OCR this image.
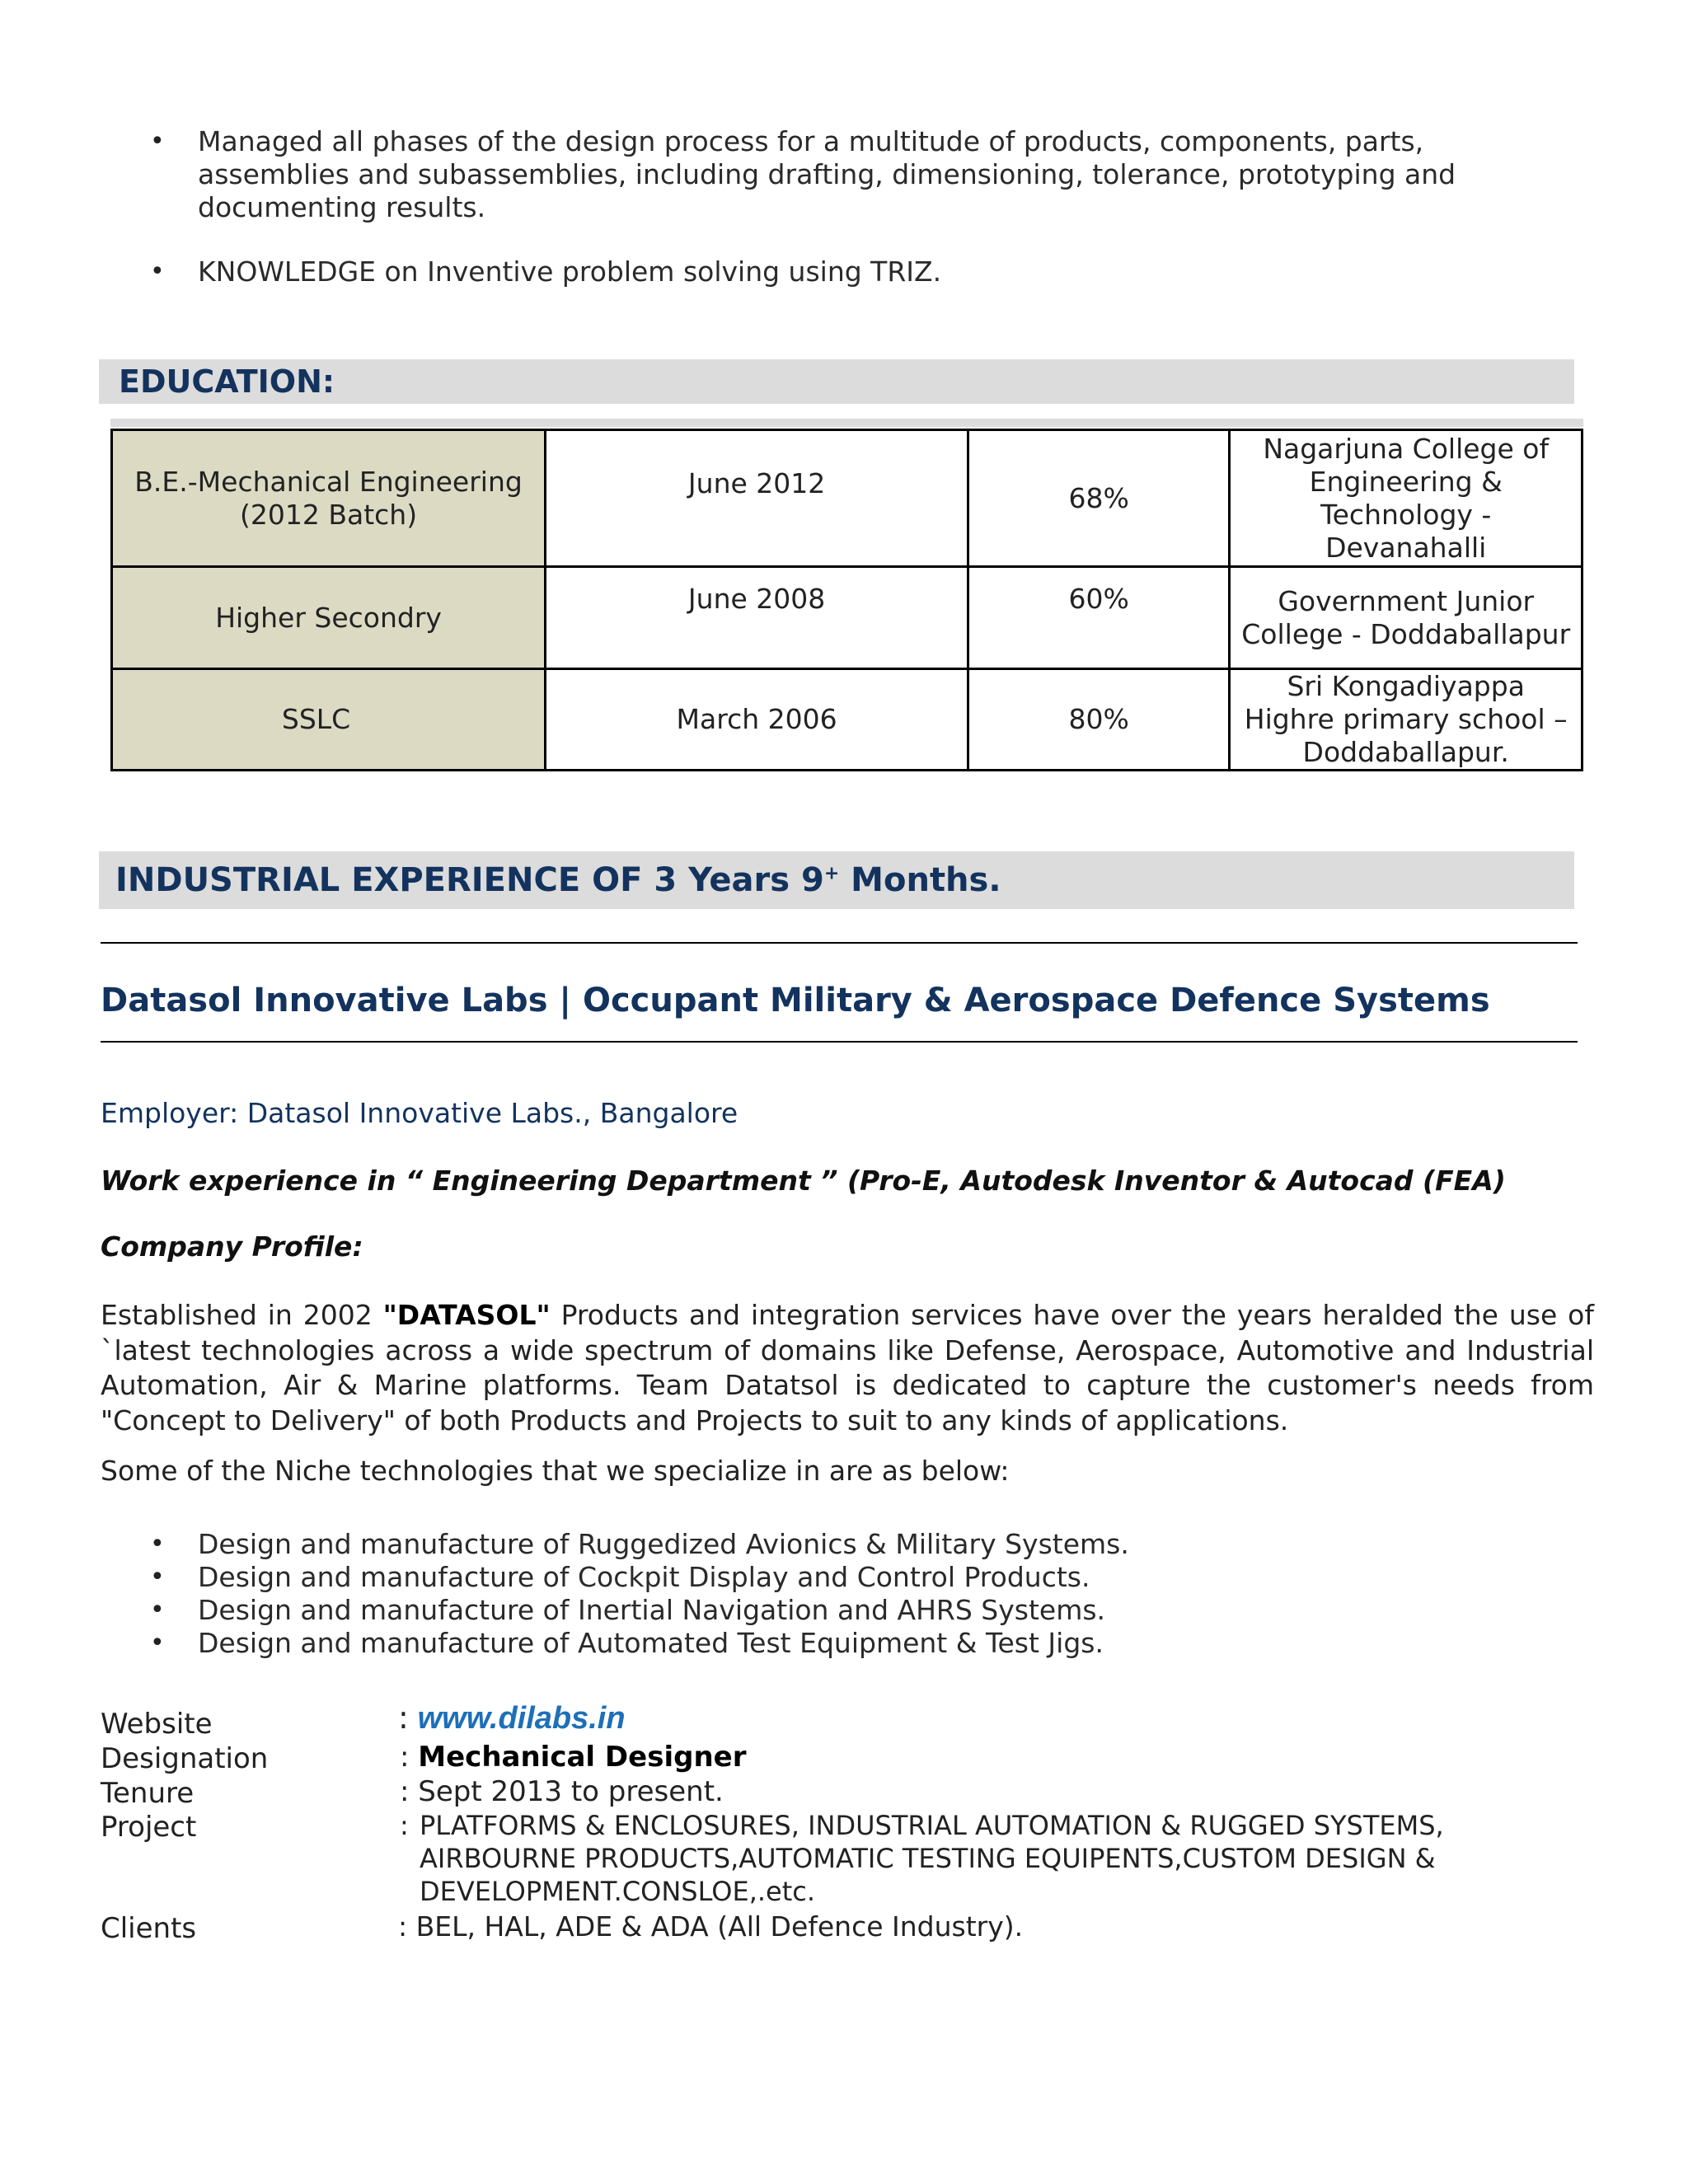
• Managed all phases of the design process for a multitude of products, components, parts, assemblies and subassemblies, including drafting, dimensioning, tolerance, prototyping and documenting results.
• KNOWLEDGE on Inventive problem solving using TRIZ.
EDUCATION:
B.E.-Mechanical Engineering (2012 Batch)	June 2012	68%	Nagarjuna College of Engineering & Technology - Devanahalli
Higher Secondry	June 2008	60%	Government Junior College - Doddaballapur
SSLC	March 2006	80%	Sri Kongadiyappa Highre primary school – Doddaballapur.
INDUSTRIAL EXPERIENCE OF 3 Years 9+ Months.
Datasol Innovative Labs | Occupant Military & Aerospace Defence Systems
Employer: Datasol Innovative Labs., Bangalore
Work experience in “ Engineering Department ” (Pro-E, Autodesk Inventor & Autocad (FEA)
Company Profile:
Established in 2002 "DATASOL" Products and integration services have over the years heralded the use of `latest technologies across a wide spectrum of domains like Defense, Aerospace, Automotive and Industrial Automation, Air & Marine platforms. Team Datatsol is dedicated to capture the customer's needs from "Concept to Delivery" of both Products and Projects to suit to any kinds of applications.
Some of the Niche technologies that we specialize in are as below:
• Design and manufacture of Ruggedized Avionics & Military Systems.
• Design and manufacture of Cockpit Display and Control Products.
• Design and manufacture of Inertial Navigation and AHRS Systems.
• Design and manufacture of Automated Test Equipment & Test Jigs.
Website	: www.dilabs.in
Designation	: Mechanical Designer
Tenure	: Sept 2013 to present.
Project	: PLATFORMS & ENCLOSURES, INDUSTRIAL AUTOMATION & RUGGED SYSTEMS, AIRBOURNE PRODUCTS,AUTOMATIC TESTING EQUIPENTS,CUSTOM DESIGN & DEVELOPMENT.CONSLOE,.etc.
Clients	: BEL, HAL, ADE & ADA (All Defence Industry).
